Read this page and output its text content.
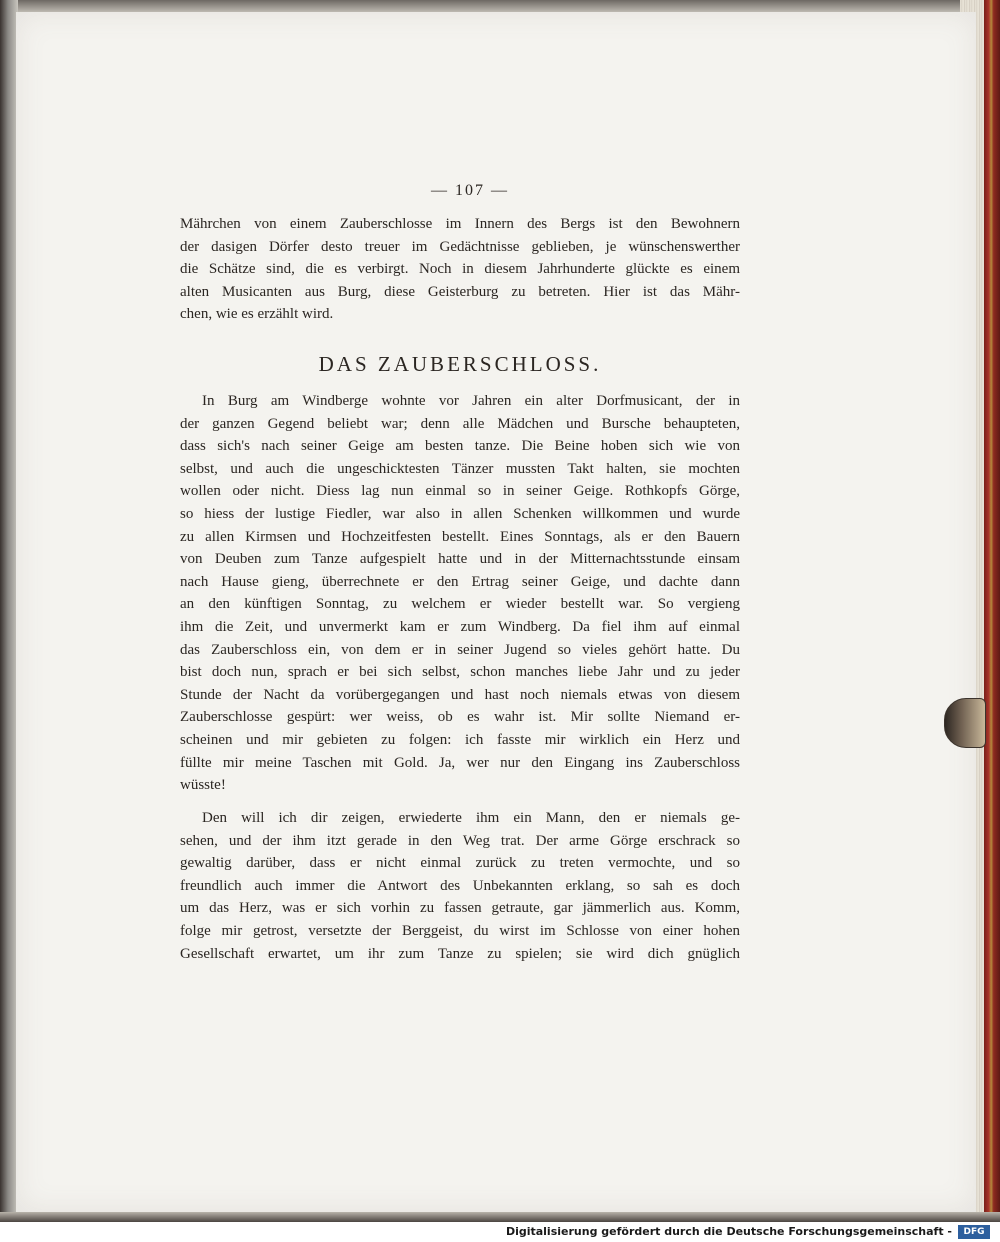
— 107 —
Mährchen von einem Zauberschlosse im Innern des Bergs ist den Bewohnern
der dasigen Dörfer desto treuer im Gedächtnisse geblieben, je wünschenswerther
die Schätze sind, die es verbirgt. Noch in diesem Jahrhunderte glückte es einem
alten Musicanten aus Burg, diese Geisterburg zu betreten. Hier ist das Mähr-
chen, wie es erzählt wird.
DAS ZAUBERSCHLOSS.
In Burg am Windberge wohnte vor Jahren ein alter Dorfmusicant, der in
der ganzen Gegend beliebt war; denn alle Mädchen und Bursche behaupteten,
dass sich's nach seiner Geige am besten tanze. Die Beine hoben sich wie von
selbst, und auch die ungeschicktesten Tänzer mussten Takt halten, sie mochten
wollen oder nicht. Diess lag nun einmal so in seiner Geige. Rothkopfs Görge,
so hiess der lustige Fiedler, war also in allen Schenken willkommen und wurde
zu allen Kirmsen und Hochzeitfesten bestellt. Eines Sonntags, als er den Bauern
von Deuben zum Tanze aufgespielt hatte und in der Mitternachtsstunde einsam
nach Hause gieng, überrechnete er den Ertrag seiner Geige, und dachte dann
an den künftigen Sonntag, zu welchem er wieder bestellt war. So vergieng
ihm die Zeit, und unvermerkt kam er zum Windberg. Da fiel ihm auf einmal
das Zauberschloss ein, von dem er in seiner Jugend so vieles gehört hatte. Du
bist doch nun, sprach er bei sich selbst, schon manches liebe Jahr und zu jeder
Stunde der Nacht da vorübergegangen und hast noch niemals etwas von diesem
Zauberschlosse gespürt: wer weiss, ob es wahr ist. Mir sollte Niemand er-
scheinen und mir gebieten zu folgen: ich fasste mir wirklich ein Herz und
füllte mir meine Taschen mit Gold. Ja, wer nur den Eingang ins Zauberschloss
wüsste!
Den will ich dir zeigen, erwiederte ihm ein Mann, den er niemals ge-
sehen, und der ihm itzt gerade in den Weg trat. Der arme Görge erschrack so
gewaltig darüber, dass er nicht einmal zurück zu treten vermochte, und so
freundlich auch immer die Antwort des Unbekannten erklang, so sah es doch
um das Herz, was er sich vorhin zu fassen getraute, gar jämmerlich aus. Komm,
folge mir getrost, versetzte der Berggeist, du wirst im Schlosse von einer hohen
Gesellschaft erwartet, um ihr zum Tanze zu spielen; sie wird dich gnüglich
Digitalisierung gefördert durch die Deutsche Forschungsgemeinschaft -	DFG
